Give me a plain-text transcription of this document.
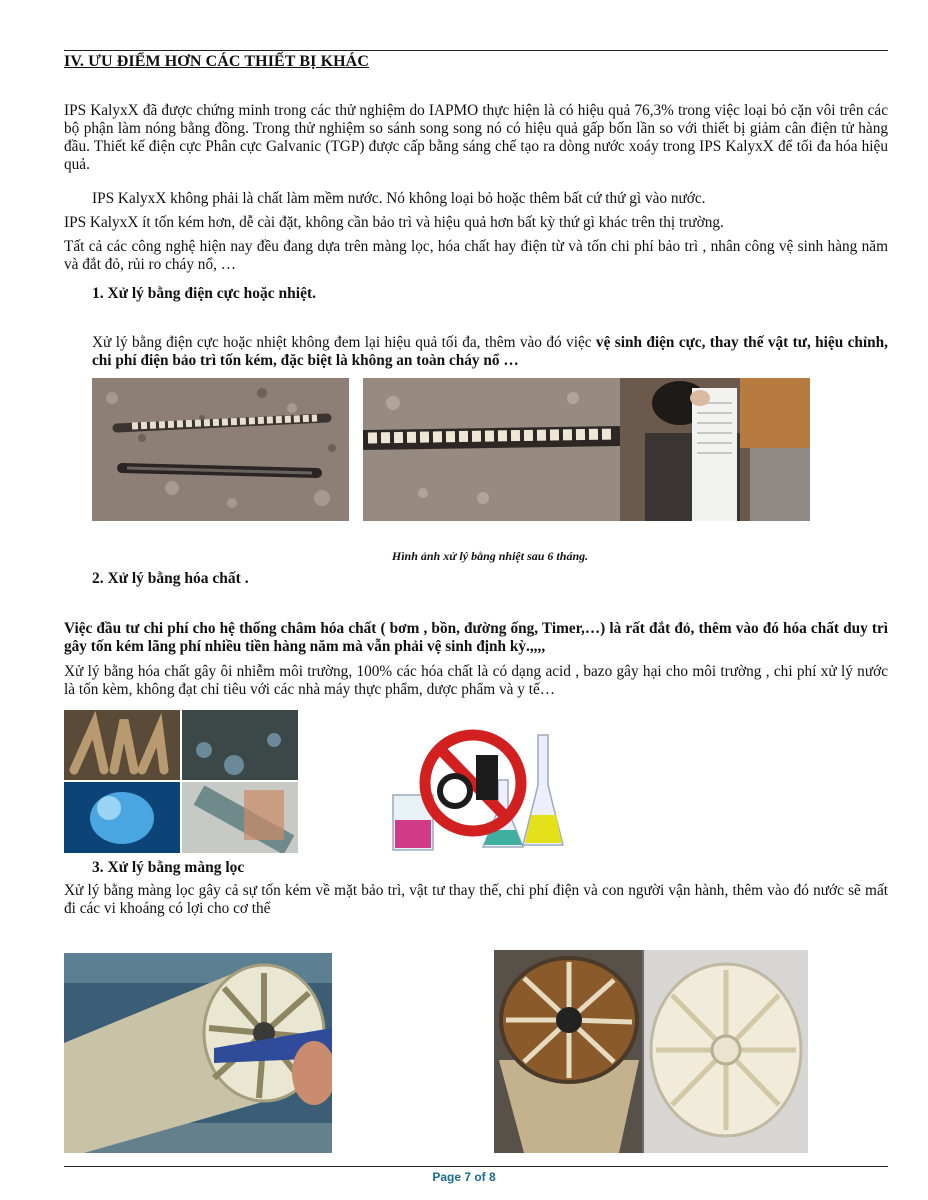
IV. ƯU ĐIỂM HƠN CÁC THIẾT BỊ KHÁC

IPS KalyxX đã được chứng minh trong các thử nghiệm do IAPMO thực hiện là có hiệu quả 76,3% trong việc loại bỏ cặn vôi trên các bộ phận làm nóng bằng đồng. Trong thử nghiệm so sánh song song nó có hiệu quả gấp bốn lần so với thiết bị giảm cân điện tử hàng đầu. Thiết kế điện cực Phân cực Galvanic (TGP) được cấp bằng sáng chế tạo ra dòng nước xoáy trong IPS KalyxX để tối đa hóa hiệu quả.

IPS KalyxX không phải là chất làm mềm nước. Nó không loại bỏ hoặc thêm bất cứ thứ gì vào nước.

IPS KalyxX ít tốn kém hơn, dễ cài đặt, không cần bảo trì và hiệu quả hơn bất kỳ thứ gì khác trên thị trường.

Tất cả các công nghệ hiện nay đều đang dựa trên màng lọc, hóa chất hay điện từ và tốn chi phí bảo trì , nhân công vệ sinh hàng năm và đắt đỏ, rủi ro cháy nổ, …

1. Xử lý bằng điện cực hoặc nhiệt.

Xử lý bằng điện cực hoặc nhiệt không đem lại hiệu quả tối đa, thêm vào đó việc vệ sinh điện cực, thay thế vật tư, hiệu chỉnh, chi phí điện bảo trì tốn kém, đặc biệt là không an toàn cháy nổ …

Hình ảnh xử lý bằng nhiệt sau 6 tháng.
2. Xử lý bằng hóa chất .

Việc đầu tư chi phí cho hệ thống châm hóa chất ( bơm , bồn, đường ống, Timer,…) là rất đắt đỏ, thêm vào đó hóa chất duy trì gây tốn kém lãng phí nhiều tiền hàng năm mà vẫn phải vệ sinh định kỳ.,,,,

Xử lý bằng hóa chất gây ôi nhiễm môi trường, 100% các hóa chất là có dạng acid , bazo gây hại cho môi trường , chi phí xử lý nước là tốn kèm, không đạt chỉ tiêu với các nhà máy thực phẩm, dược phẩm và y tế…

3. Xử lý bằng màng lọc

Xử lý bằng màng lọc gây cả sự tốn kém về mặt bảo trì, vật tư thay thế, chi phí điện và con người vận hành, thêm vào đó nước sẽ mất đi các vi khoáng có lợi cho cơ thể

Page 7 of 8
